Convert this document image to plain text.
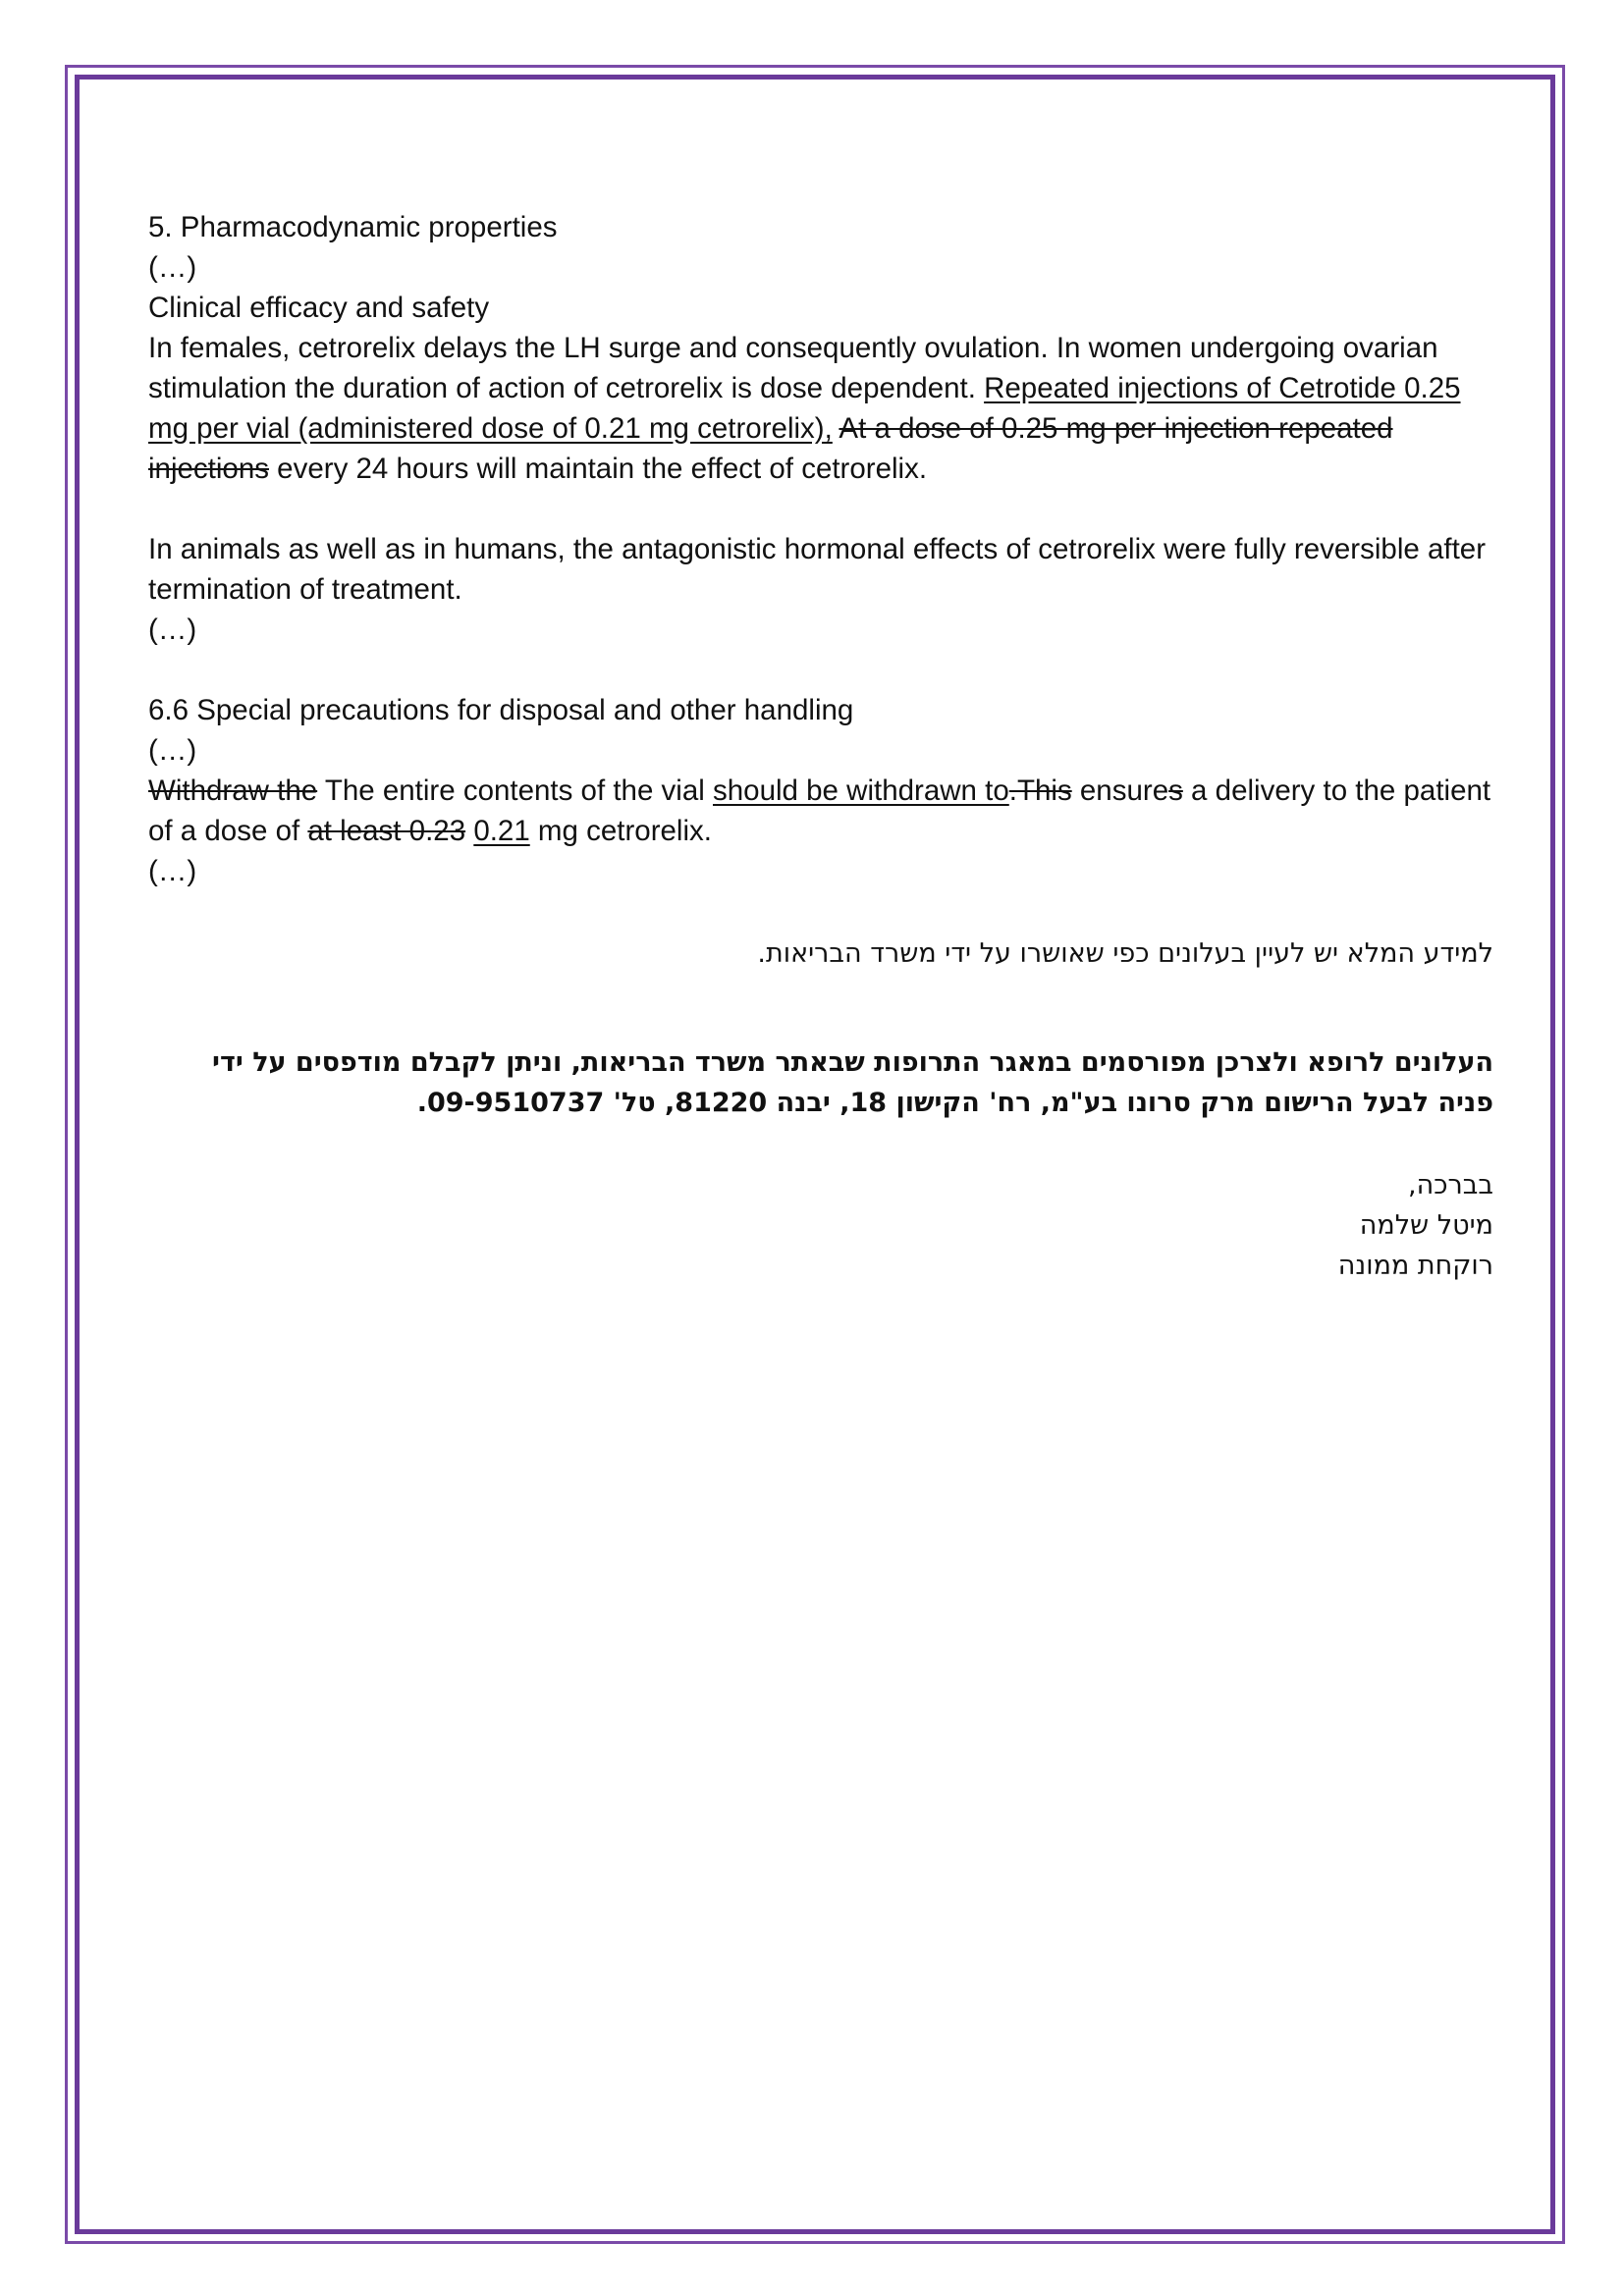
5. Pharmacodynamic properties

(…)

Clinical efficacy and safety

In females, cetrorelix delays the LH surge and consequently ovulation. In women undergoing ovarian stimulation the duration of action of cetrorelix is dose dependent. Repeated injections of Cetrotide 0.25 mg per vial (administered dose of 0.21 mg cetrorelix), At a dose of 0.25 mg per injection repeated injections every 24 hours will maintain the effect of cetrorelix.

In animals as well as in humans, the antagonistic hormonal effects of cetrorelix were fully reversible after termination of treatment.

(…)

6.6 Special precautions for disposal and other handling

(…)

Withdraw the The entire contents of the vial should be withdrawn to.This ensures a delivery to the patient of a dose of at least 0.23 0.21 mg cetrorelix.

(…)

למידע המלא יש לעיין בעלונים כפי שאושרו על ידי משרד הבריאות.

העלונים לרופא ולצרכן מפורסמים במאגר התרופות שבאתר משרד הבריאות, וניתן לקבלם מודפסים על ידי פניה לבעל הרישום מרק סרונו בע"מ, רח' הקישון 18, יבנה 81220, טל' 09-9510737.

בברכה,

מיטל שלמה

רוקחת ממונה
